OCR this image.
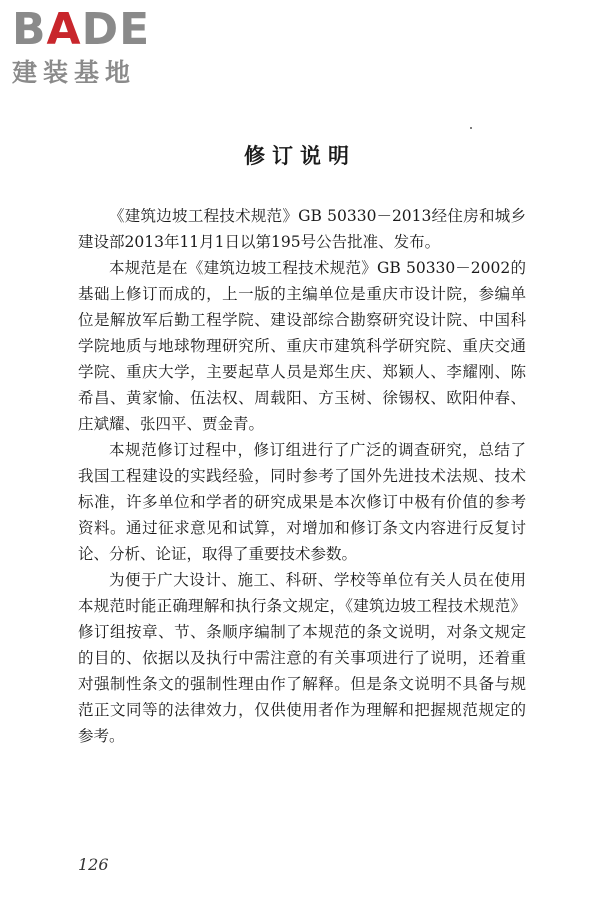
BADE
建装基地
修订说明

《建筑边坡工程技术规范》GB 50330－2013经住房和城乡建设部2013年11月1日以第195号公告批准、发布。

本规范是在《建筑边坡工程技术规范》GB 50330－2002的基础上修订而成的，上一版的主编单位是重庆市设计院，参编单位是解放军后勤工程学院、建设部综合勘察研究设计院、中国科学院地质与地球物理研究所、重庆市建筑科学研究院、重庆交通学院、重庆大学，主要起草人员是郑生庆、郑颖人、李耀刚、陈希昌、黄家愉、伍法权、周载阳、方玉树、徐锡权、欧阳仲春、庄斌耀、张四平、贾金青。

本规范修订过程中，修订组进行了广泛的调查研究，总结了我国工程建设的实践经验，同时参考了国外先进技术法规、技术标准，许多单位和学者的研究成果是本次修订中极有价值的参考资料。通过征求意见和试算，对增加和修订条文内容进行反复讨论、分析、论证，取得了重要技术参数。

为便于广大设计、施工、科研、学校等单位有关人员在使用本规范时能正确理解和执行条文规定，《建筑边坡工程技术规范》修订组按章、节、条顺序编制了本规范的条文说明，对条文规定的目的、依据以及执行中需注意的有关事项进行了说明，还着重对强制性条文的强制性理由作了解释。但是条文说明不具备与规范正文同等的法律效力，仅供使用者作为理解和把握规范规定的参考。

126
